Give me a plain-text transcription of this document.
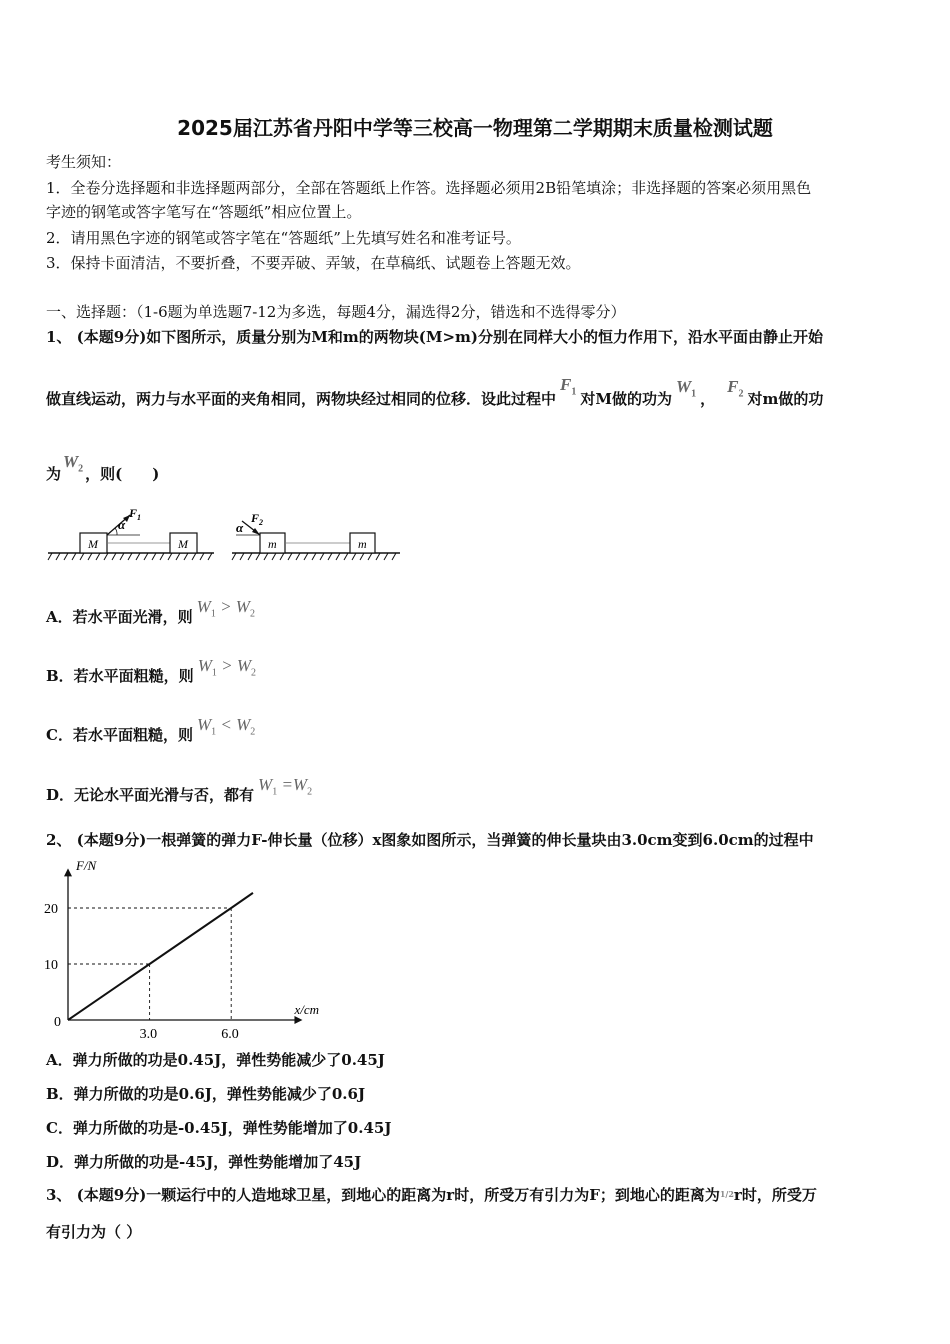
2025届江苏省丹阳中学等三校高一物理第二学期期末质量检测试题
考生须知：
1．全卷分选择题和非选择题两部分，全部在答题纸上作答。选择题必须用2B铅笔填涂；非选择题的答案必须用黑色
字迹的钢笔或答字笔写在“答题纸”相应位置上。
2．请用黑色字迹的钢笔或答字笔在“答题纸”上先填写姓名和准考证号。
3．保持卡面清洁，不要折叠，不要弄破、弄皱，在草稿纸、试题卷上答题无效。
一、选择题：（1-6题为单选题7-12为多选，每题4分，漏选得2分，错选和不选得零分）
1、 (本题9分)如下图所示，质量分别为M和m的两物块(M>m)分别在同样大小的恒力作用下，沿水平面由静止开始
做直线运动，两力与水平面的夹角相同，两物块经过相同的位移．设此过程中$F_1$ 对M做的功为$W_1$ ，$F_2$ 对m做的功
为$W_2$ ，则(　　)
M
α
$F_1$
M	m
α
$F_2$
m
A．若水平面光滑，则$W_1 > W_2$
B．若水平面粗糙，则$W_1 > W_2$
C．若水平面粗糙，则$W_1 < W_2$
D．无论水平面光滑与否，都有$W_1 =W_2$
2、 (本题9分)一根弹簧的弹力F-伸长量（位移）x图象如图所示，当弹簧的伸长量块由3.0cm变到6.0cm的过程中
F/N
x/cm
0
3.0
10
6.0
20
A．弹力所做的功是0.45J，弹性势能减少了0.45J
B．弹力所做的功是0.6J，弹性势能减少了0.6J
C．弹力所做的功是-0.45J，弹性势能增加了0.45J
D．弹力所做的功是-45J，弹性势能增加了45J
3、 (本题9分)一颗运行中的人造地球卫星，到地心的距离为r时，所受万有引力为F；到地心的距离为$^{1/2}$r时，所受万
有引力为（ ）
